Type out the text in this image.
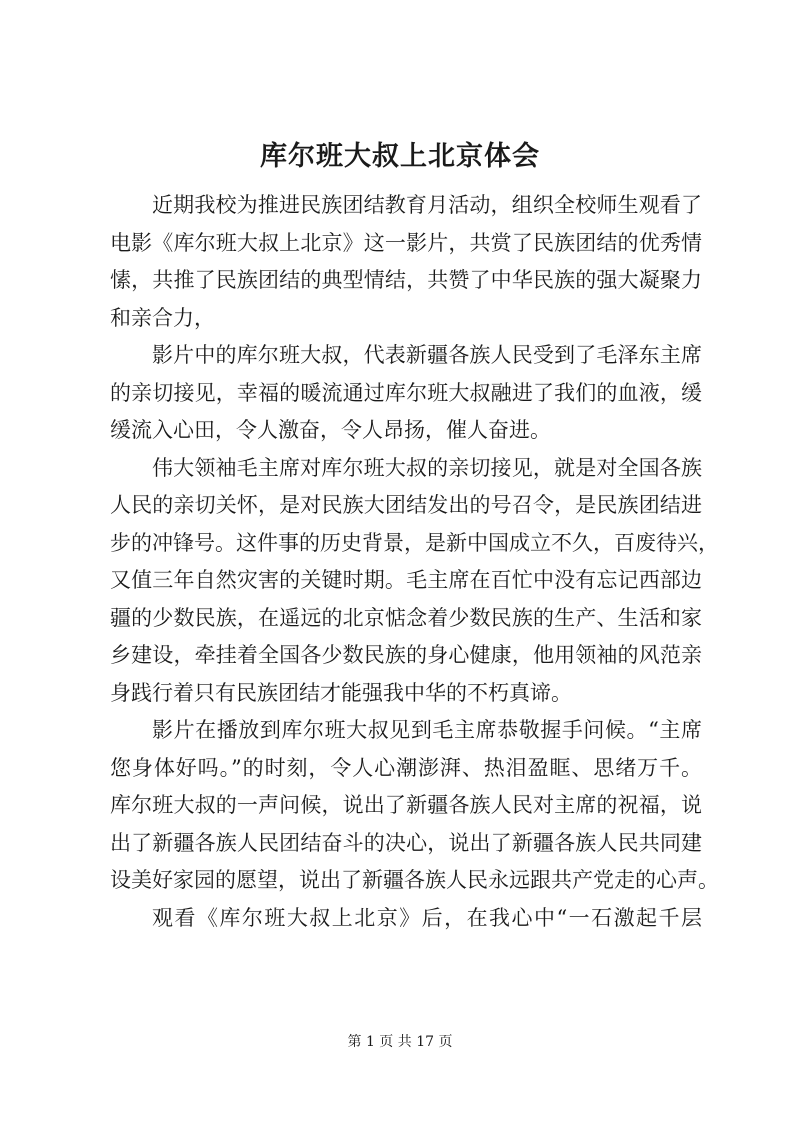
库尔班大叔上北京体会

近期我校为推进民族团结教育月活动，组织全校师生观看了
电影《库尔班大叔上北京》这一影片，共赏了民族团结的优秀情
愫，共推了民族团结的典型情结，共赞了中华民族的强大凝聚力
和亲合力，

影片中的库尔班大叔，代表新疆各族人民受到了毛泽东主席
的亲切接见，幸福的暖流通过库尔班大叔融进了我们的血液，缓
缓流入心田，令人激奋，令人昂扬，催人奋进。

伟大领袖毛主席对库尔班大叔的亲切接见，就是对全国各族
人民的亲切关怀，是对民族大团结发出的号召令，是民族团结进
步的冲锋号。这件事的历史背景，是新中国成立不久，百废待兴，
又值三年自然灾害的关键时期。毛主席在百忙中没有忘记西部边
疆的少数民族，在遥远的北京惦念着少数民族的生产、生活和家
乡建设，牵挂着全国各少数民族的身心健康，他用领袖的风范亲
身践行着只有民族团结才能强我中华的不朽真谛。

影片在播放到库尔班大叔见到毛主席恭敬握手问候。“主席
您身体好吗。”的时刻，令人心潮澎湃、热泪盈眶、思绪万千。
库尔班大叔的一声问候，说出了新疆各族人民对主席的祝福，说
出了新疆各族人民团结奋斗的决心，说出了新疆各族人民共同建
设美好家园的愿望，说出了新疆各族人民永远跟共产党走的心声。

观看《库尔班大叔上北京》后，在我心中“一石激起千层

第 1 页 共 17 页
